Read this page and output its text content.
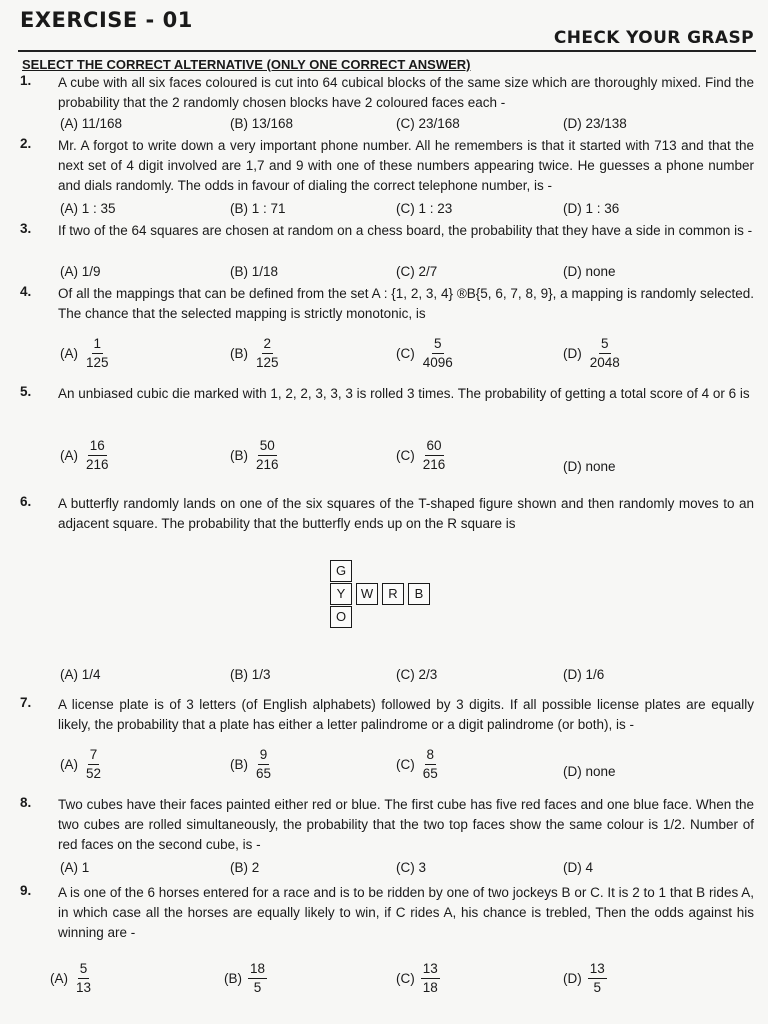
EXERCISE - 01
CHECK YOUR GRASP
SELECT THE CORRECT ALTERNATIVE (ONLY ONE CORRECT ANSWER)
1. A cube with all six faces coloured is cut into 64 cubical blocks of the same size which are thoroughly mixed. Find the probability that the 2 randomly chosen blocks have 2 coloured faces each -
(A) 11/168	(B) 13/168	(C) 23/168	(D) 23/138
2. Mr. A forgot to write down a very important phone number. All he remembers is that it started with 713 and that the next set of 4 digit involved are 1,7 and 9 with one of these numbers appearing twice. He guesses a phone number and dials randomly. The odds in favour of dialing the correct telephone number, is -
(A) 1 : 35	(B) 1 : 71	(C) 1 : 23	(D) 1 : 36
3. If two of the 64 squares are chosen at random on a chess board, the probability that they have a side in common is -
(A) 1/9	(B) 1/18	(C) 2/7	(D) none
4. Of all the mappings that can be defined from the set A : {1, 2, 3, 4} ®B{5, 6, 7, 8, 9}, a mapping is randomly selected. The chance that the selected mapping is strictly monotonic, is
$(A) \frac{1}{125}$	$(B) \frac{2}{125}$	$(C) \frac{5}{4096}$	$(D) \frac{5}{2048}$
5. An unbiased cubic die marked with 1, 2, 2, 3, 3, 3 is rolled 3 times. The probability of getting a total score of 4 or 6 is
$(A) \frac{16}{216}$	$(B) \frac{50}{216}$	$(C) \frac{60}{216}$	(D) none
6. A butterfly randomly lands on one of the six squares of the T-shaped figure shown and then randomly moves to an adjacent square. The probability that the butterfly ends up on the R square is
G
Y	W	R	B
O
(A) 1/4	(B) 1/3	(C) 2/3	(D) 1/6
7. A license plate is of 3 letters (of English alphabets) followed by 3 digits. If all possible license plates are equally likely, the probability that a plate has either a letter palindrome or a digit palindrome (or both), is -
$(A) \frac{7}{52}$	$(B) \frac{9}{65}$	$(C) \frac{8}{65}$	(D) none
8. Two cubes have their faces painted either red or blue. The first cube has five red faces and one blue face. When the two cubes are rolled simultaneously, the probability that the two top faces show the same colour is 1/2. Number of red faces on the second cube, is -
(A) 1	(B) 2	(C) 3	(D) 4
9. A is one of the 6 horses entered for a race and is to be ridden by one of two jockeys B or C. It is 2 to 1 that B rides A, in which case all the horses are equally likely to win, if C rides A, his chance is trebled, Then the odds against his winning are -
$(A) \frac{5}{13}$	$(B) \frac{18}{5}$	$(C) \frac{13}{18}$	$(D) \frac{13}{5}$
